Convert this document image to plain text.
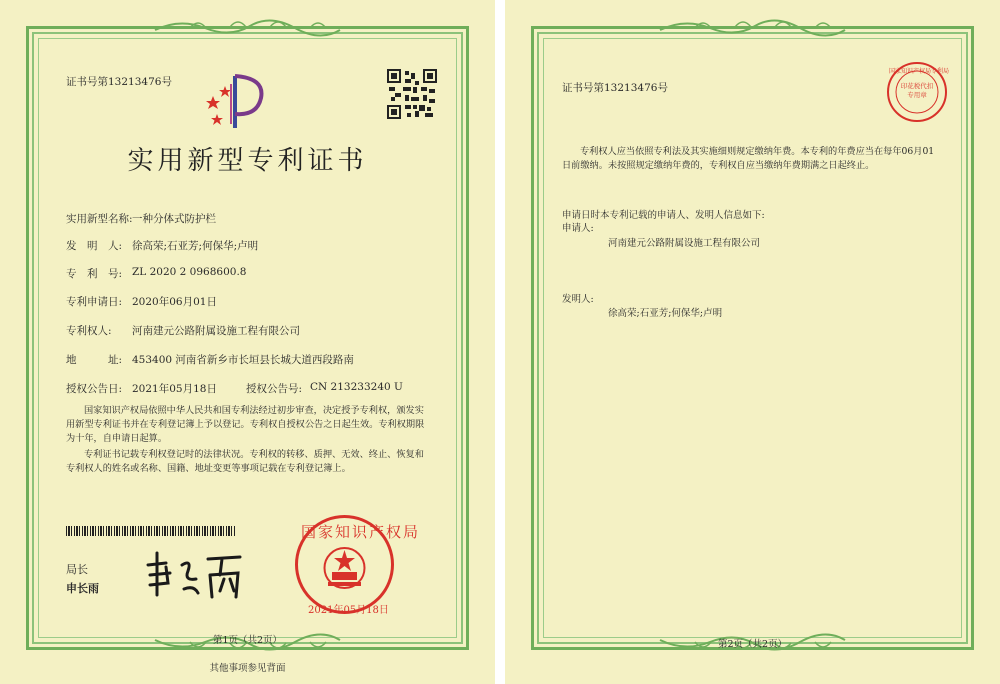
证书号第13213476号
实用新型专利证书
实用新型名称: 一种分体式防护栏
发　明　人: 徐高荣;石亚芳;何保华;卢明
专　利　号: ZL 2020 2 0968600.8
专利申请日: 2020年06月01日
专利权人: 河南建元公路附属设施工程有限公司
地　　　址: 453400 河南省新乡市长垣县长城大道西段路南
授权公告日: 2021年05月18日	授权公告号: CN 213233240 U
国家知识产权局依照中华人民共和国专利法经过初步审查，决定授予专利权，颁发实用新型专利证书并在专利登记簿上予以登记。专利权自授权公告之日起生效。专利权期限为十年，自申请日起算。
专利证书记载专利权登记时的法律状况。专利权的转移、质押、无效、终止、恢复和专利权人的姓名或名称、国籍、地址变更等事项记载在专利登记簿上。
局长
申长雨
国家知识产权局
2021年05月18日
第1页（共2页）
其他事项参见背面
证书号第13213476号
国家知识产权局专利局
印花税代扣专用章
专利权人应当依照专利法及其实施细则规定缴纳年费。本专利的年费应当在每年06月01日前缴纳。未按照规定缴纳年费的，专利权自应当缴纳年费期满之日起终止。
申请日时本专利记载的申请人、发明人信息如下:
申请人:
河南建元公路附属设施工程有限公司
发明人:
徐高荣;石亚芳;何保华;卢明
第2页（共2页）
